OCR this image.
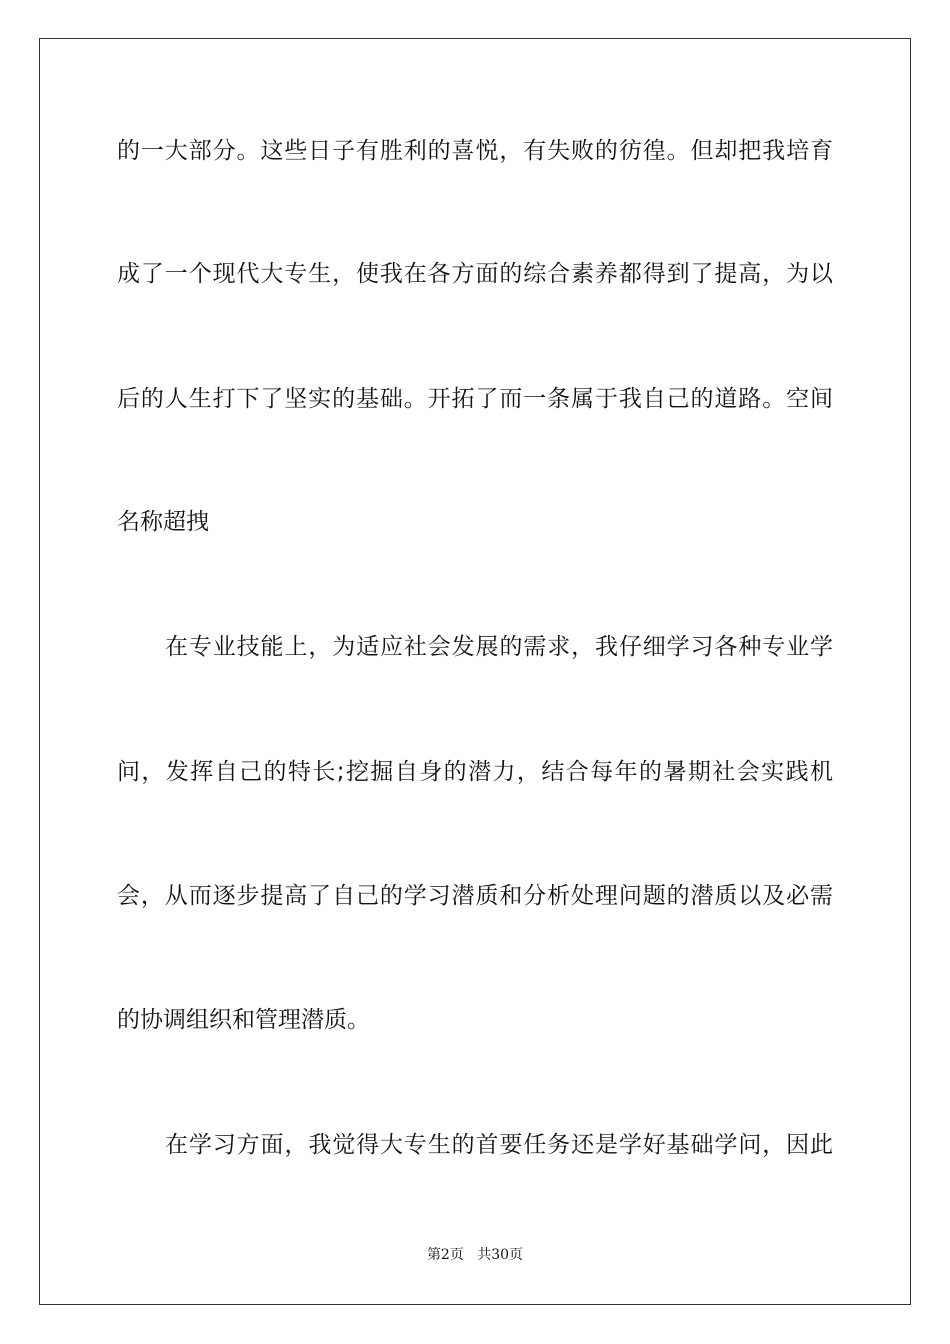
的一大部分。这些日子有胜利的喜悦，有失败的彷徨。但却把我培育
成了一个现代大专生，使我在各方面的综合素养都得到了提高，为以
后的人生打下了坚实的基础。开拓了而一条属于我自己的道路。空间
名称超拽
在专业技能上，为适应社会发展的需求，我仔细学习各种专业学
问，发挥自己的特长;挖掘自身的潜力，结合每年的暑期社会实践机
会，从而逐步提高了自己的学习潜质和分析处理问题的潜质以及必需
的协调组织和管理潜质。
在学习方面，我觉得大专生的首要任务还是学好基础学问，因此
第2页 共30页
